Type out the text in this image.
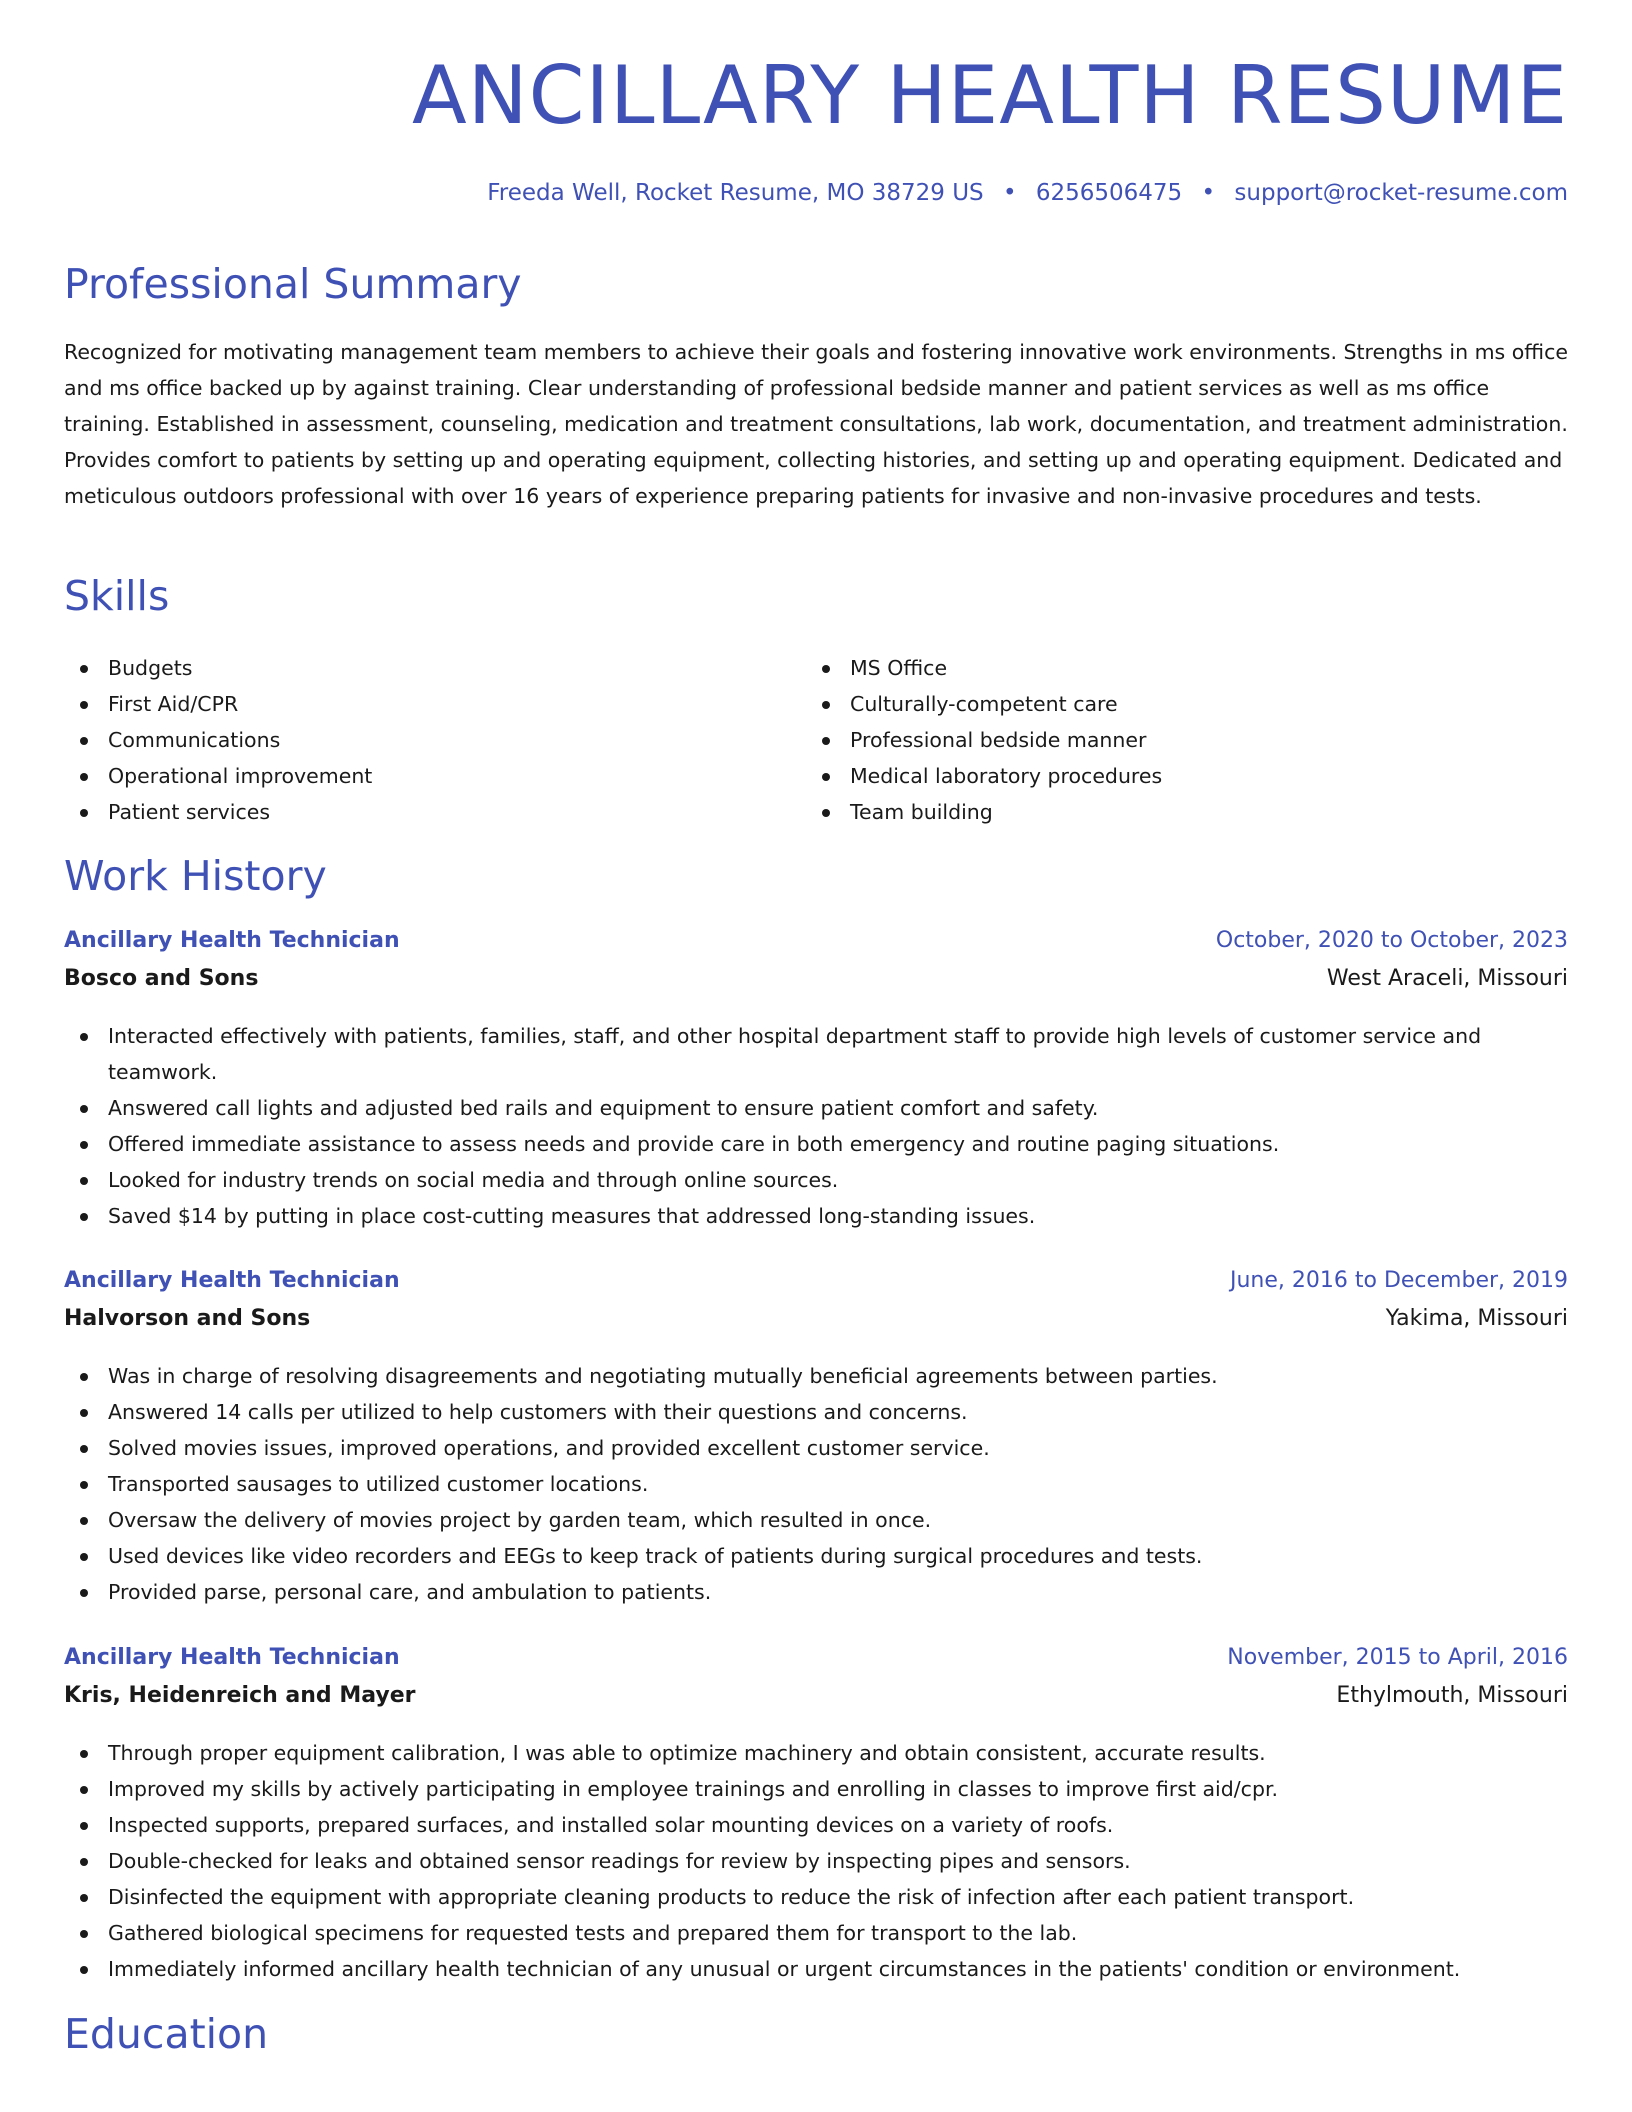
ANCILLARY HEALTH RESUME
Freeda Well, Rocket Resume, MO 38729 US • 6256506475 • support@rocket-resume.com
Professional Summary

Recognized for motivating management team members to achieve their goals and fostering innovative work environments. Strengths in ms office and ms office backed up by against training. Clear understanding of professional bedside manner and patient services as well as ms office training. Established in assessment, counseling, medication and treatment consultations, lab work, documentation, and treatment administration. Provides comfort to patients by setting up and operating equipment, collecting histories, and setting up and operating equipment. Dedicated and meticulous outdoors professional with over 16 years of experience preparing patients for invasive and non-invasive procedures and tests.

Skills
Budgets
First Aid/CPR
Communications
Operational improvement
Patient services
MS Office
Culturally-competent care
Professional bedside manner
Medical laboratory procedures
Team building
Work History
Ancillary Health Technician	October, 2020 to October, 2023
Bosco and Sons	West Araceli, Missouri
Interacted effectively with patients, families, staff, and other hospital department staff to provide high levels of customer service and teamwork.
Answered call lights and adjusted bed rails and equipment to ensure patient comfort and safety.
Offered immediate assistance to assess needs and provide care in both emergency and routine paging situations.
Looked for industry trends on social media and through online sources.
Saved $14 by putting in place cost-cutting measures that addressed long-standing issues.
Ancillary Health Technician	June, 2016 to December, 2019
Halvorson and Sons	Yakima, Missouri
Was in charge of resolving disagreements and negotiating mutually beneficial agreements between parties.
Answered 14 calls per utilized to help customers with their questions and concerns.
Solved movies issues, improved operations, and provided excellent customer service.
Transported sausages to utilized customer locations.
Oversaw the delivery of movies project by garden team, which resulted in once.
Used devices like video recorders and EEGs to keep track of patients during surgical procedures and tests.
Provided parse, personal care, and ambulation to patients.
Ancillary Health Technician	November, 2015 to April, 2016
Kris, Heidenreich and Mayer	Ethylmouth, Missouri
Through proper equipment calibration, I was able to optimize machinery and obtain consistent, accurate results.
Improved my skills by actively participating in employee trainings and enrolling in classes to improve first aid/cpr.
Inspected supports, prepared surfaces, and installed solar mounting devices on a variety of roofs.
Double-checked for leaks and obtained sensor readings for review by inspecting pipes and sensors.
Disinfected the equipment with appropriate cleaning products to reduce the risk of infection after each patient transport.
Gathered biological specimens for requested tests and prepared them for transport to the lab.
Immediately informed ancillary health technician of any unusual or urgent circumstances in the patients' condition or environment.
Education
